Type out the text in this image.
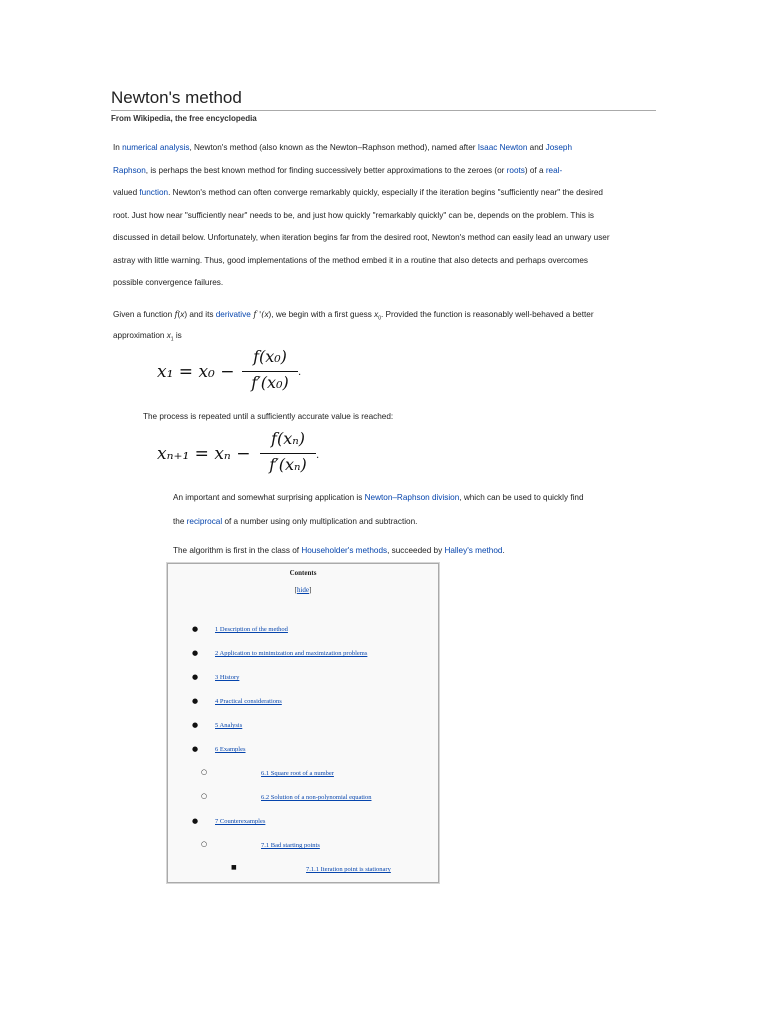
Newton's method
From Wikipedia, the free encyclopedia
In numerical analysis, Newton's method (also known as the Newton–Raphson method), named after Isaac Newton and Joseph
Raphson, is perhaps the best known method for finding successively better approximations to the zeroes (or roots) of a real-
valued function. Newton's method can often converge remarkably quickly, especially if the iteration begins "sufficiently near" the desired
root. Just how near "sufficiently near" needs to be, and just how quickly "remarkably quickly" can be, depends on the problem. This is
discussed in detail below. Unfortunately, when iteration begins far from the desired root, Newton's method can easily lead an unwary user
astray with little warning. Thus, good implementations of the method embed it in a routine that also detects and perhaps overcomes
possible convergence failures.
Given a function f(x) and its derivative f '(x), we begin with a first guess $x_0$. Provided the function is reasonably well-behaved a better
approximation $x_1$ is
x₁ = x₀ −
f(x₀)
f′(x₀)
.
The process is repeated until a sufficiently accurate value is reached:
xₙ₊₁ = xₙ −
f(xₙ)
f′(xₙ) .
An important and somewhat surprising application is Newton–Raphson division, which can be used to quickly find
the reciprocal of a number using only multiplication and subtraction.
The algorithm is first in the class of Householder's methods, succeeded by Halley's method.
Contents
[hide]
●	1 Description of the method
●	2 Application to minimization and maximization problems
●	3 History
●	4 Practical considerations
●	5 Analysis
●	6 Examples
○	6.1 Square root of a number
○	6.2 Solution of a non-polynomial equation
●	7 Counterexamples
○	7.1 Bad starting points
■	7.1.1 Iteration point is stationary
